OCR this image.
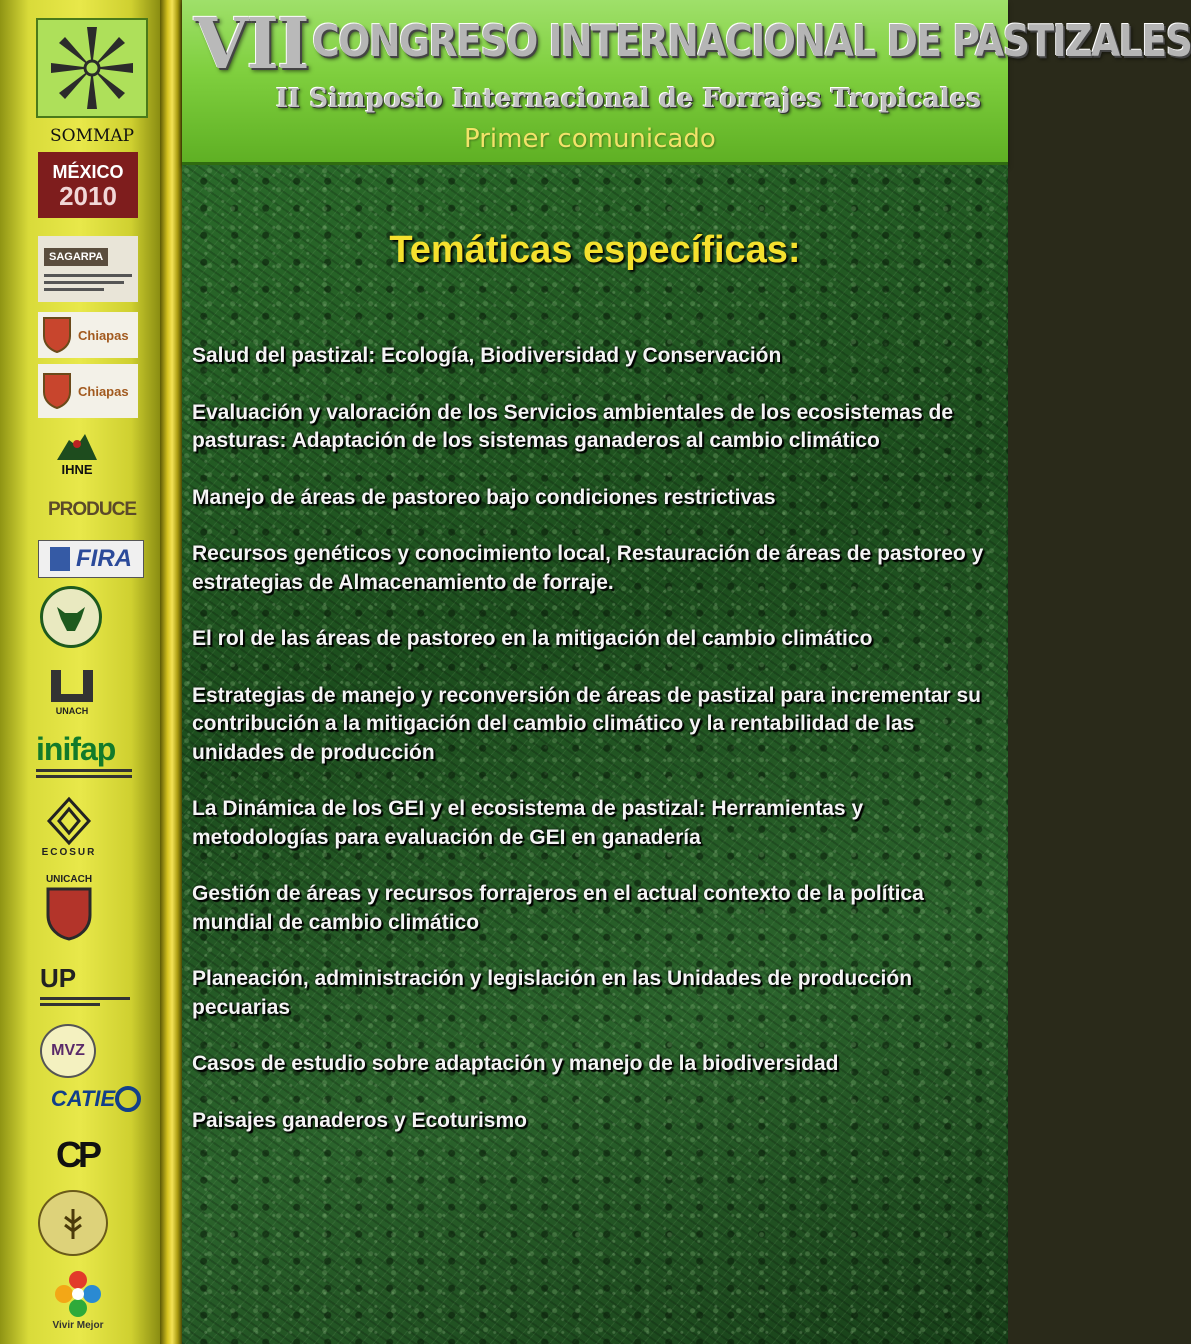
SOMMAP
MÉXICO
2010
SAGARPA
Chiapas
Chiapas
IHNE
PRODUCE
FIRA
UNACH
inifap
ECOSUR
UNICACH
UP
MVZ
CATIE
CP
Vivir Mejor
VII CONGRESO INTERNACIONAL DE PASTIZALES
II Simposio Internacional de Forrajes Tropicales
Primer comunicado
Temáticas específicas:
Salud del pastizal: Ecología, Biodiversidad y Conservación
Evaluación y valoración de los Servicios ambientales de los ecosistemas de pasturas: Adaptación de los sistemas ganaderos al cambio climático
Manejo de áreas de pastoreo bajo condiciones restrictivas
Recursos genéticos y conocimiento local, Restauración de áreas de pastoreo y estrategias de Almacenamiento de forraje.
El rol de las áreas de pastoreo en la mitigación del cambio climático
Estrategias de manejo y reconversión de áreas de pastizal para incrementar su contribución a la mitigación del cambio climático y la rentabilidad de las unidades de producción
La Dinámica de los GEI y el ecosistema de pastizal: Herramientas y metodologías para evaluación de GEI en ganadería
Gestión de áreas y recursos forrajeros en el actual contexto de la política mundial de cambio climático
Planeación, administración y legislación en las Unidades de producción pecuarias
Casos de estudio sobre adaptación y manejo de la biodiversidad
Paisajes ganaderos y Ecoturismo
